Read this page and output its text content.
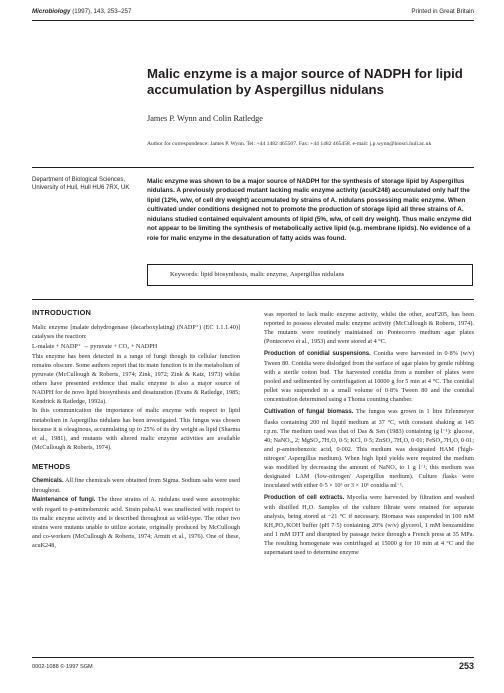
Microbiology (1997), 143, 253–257	Printed in Great Britain
Malic enzyme is a major source of NADPH for lipid accumulation by Aspergillus nidulans
James P. Wynn and Colin Ratledge
Author for correspondence: James P. Wynn. Tel: +44 1482 465507. Fax: +44 1482 465458. e-mail: j.p.wynn@biosci.hull.ac.uk
Department of Biological Sciences, University of Hull, Hull HU6 7RX, UK
Malic enzyme was shown to be a major source of NADPH for the synthesis of storage lipid by Aspergillus nidulans. A previously produced mutant lacking malic enzyme activity (acuK248) accumulated only half the lipid (12%, w/w, of cell dry weight) accumulated by strains of A. nidulans possessing malic enzyme. When cultivated under conditions designed not to promote the production of storage lipid all three strains of A. nidulans studied contained equivalent amounts of lipid (5%, w/w, of cell dry weight). Thus malic enzyme did not appear to be limiting the synthesis of metabolically active lipid (e.g. membrane lipids). No evidence of a role for malic enzyme in the desaturation of fatty acids was found.
Keywords: lipid biosynthesis, malic enzyme, Aspergillus nidulans

INTRODUCTION

Malic enzyme [malate dehydrogenase (decarboxylating) (NADP⁺) (EC 1.1.1.40)] catalyses the reaction:

L-malate + NADP⁺ → pyruvate + CO₂ + NADPH

This enzyme has been detected in a range of fungi though its cellular function remains obscure. Some authors report that its main function is in the metabolism of pyruvate (McCullough & Roberts, 1974; Zink, 1972; Zink & Katz, 1973) whilst others have presented evidence that malic enzyme is also a major source of NADPH for de novo lipid biosynthesis and desaturation (Evans & Ratledge, 1985; Kendrick & Ratledge, 1992a).

In this communication the importance of malic enzyme with respect to lipid metabolism in Aspergillus nidulans has been investigated. This fungus was chosen because it is oleaginous, accumulating up to 25% of its dry weight as lipid (Sharma et al., 1981), and mutants with altered malic enzyme activities are available (McCullough & Roberts, 1974).

METHODS

Chemicals. All fine chemicals were obtained from Sigma. Sodium salts were used throughout.

Maintenance of fungi. The three strains of A. nidulans used were auxotrophic with regard to p-aminobenzoic acid. Strain pabaA1 was unaffected with respect to its malic enzyme activity and is described throughout as wild-type. The other two strains were mutants unable to utilize acetate, originally produced by McCullough and co-workers (McCullough & Roberts, 1974; Armitt et al., 1976). One of these, acuK248,

was reported to lack malic enzyme activity, whilst the other, acuF205, has been reported to possess elevated malic enzyme activity (McCullough & Roberts, 1974). The mutants were routinely maintained on Pontecorvo medium agar plates (Pontecorvo et al., 1953) and were stored at 4 °C.

Production of conidial suspensions. Conidia were harvested in 0·8% (w/v) Tween 80. Conidia were dislodged from the surface of agar plates by gentle rubbing with a sterile cotton bud. The harvested conidia from a number of plates were pooled and sedimented by centrifugation at 10000 g for 5 min at 4 °C. The conidial pellet was suspended in a small volume of 0·8% Tween 80 and the conidial concentration determined using a Thoma counting chamber.

Cultivation of fungal biomass. The fungus was grown in 1 litre Erlenmeyer flasks containing 200 ml liquid medium at 37 °C, with constant shaking at 145 r.p.m. The medium used was that of Das & Sen (1983) containing (g l⁻¹): glucose, 40; NaNO₃, 2; MgSO₄.7H₂O, 0·5; KCl, 0·5; ZnSO₄.7H₂O, 0·01; FeSO₄.7H₂O, 0·01; and p-aminobenzoic acid, 0·002. This medium was designated HAM ('high-nitrogen' Aspergillus medium). When high lipid yields were required the medium was modified by decreasing the amount of NaNO₃ to 1 g l⁻¹; this medium was designated LAM ('low-nitrogen' Aspergillus medium). Culture flasks were inoculated with either 0·5 × 10⁶ or 3 × 10⁶ conidia ml⁻¹.

Production of cell extracts. Mycelia were harvested by filtration and washed with distilled H₂O. Samples of the culture filtrate were retained for separate analysis, being stored at −21 °C if necessary. Biomass was suspended in 100 mM KH₂PO₄/KOH buffer (pH 7·5) containing 20% (w/v) glycerol, 1 mM benzamidine and 1 mM DTT and disrupted by passage twice through a French press at 35 MPa. The resulting homogenate was centrifuged at 15000 g for 10 min at 4 °C and the supernatant used to determine enzyme

0002-1088 © 1997 SGM	253
